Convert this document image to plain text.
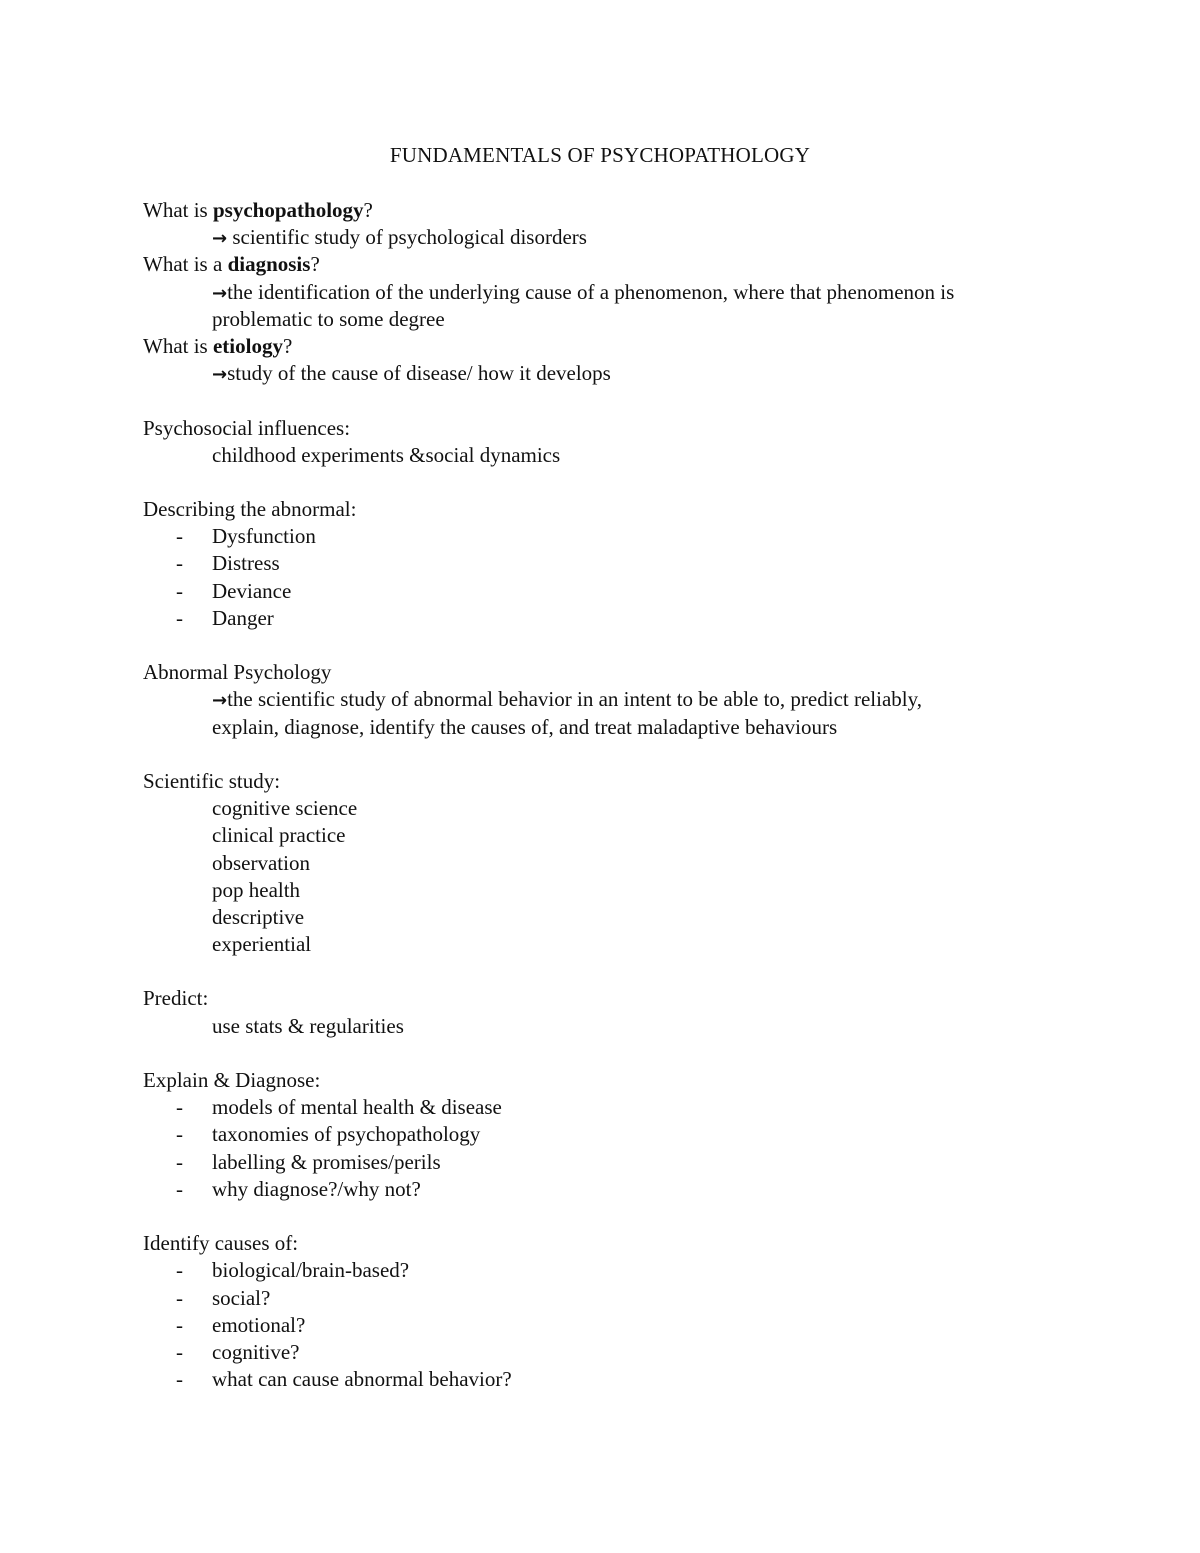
FUNDAMENTALS OF PSYCHOPATHOLOGY
What is psychopathology?
→ scientific study of psychological disorders
What is a diagnosis?
→the identification of the underlying cause of a phenomenon, where that phenomenon is
problematic to some degree
What is etiology?
→study of the cause of disease/ how it develops
Psychosocial influences:
childhood experiments &social dynamics
Describing the abnormal:
- Dysfunction
- Distress
- Deviance
- Danger
Abnormal Psychology
→the scientific study of abnormal behavior in an intent to be able to, predict reliably,
explain, diagnose, identify the causes of, and treat maladaptive behaviours
Scientific study:
cognitive science
clinical practice
observation
pop health
descriptive
experiential
Predict:
use stats & regularities
Explain & Diagnose:
- models of mental health & disease
- taxonomies of psychopathology
- labelling & promises/perils
- why diagnose?/why not?
Identify causes of:
- biological/brain-based?
- social?
- emotional?
- cognitive?
- what can cause abnormal behavior?
